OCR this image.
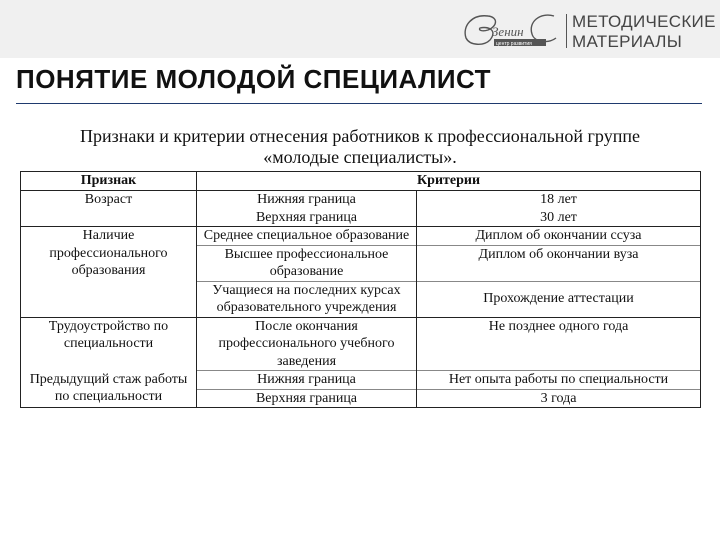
Зенин
центр развития
МЕТОДИЧЕСКИЕ
МАТЕРИАЛЫ
ПОНЯТИЕ МОЛОДОЙ СПЕЦИАЛИСТ
Признаки и критерии отнесения работников к профессиональной группе
«молодые специалисты».
Признак	Критерии	
Возраст	Нижняя граница	18 лет
	Верхняя граница	30 лет
Наличие профессионального образования	Среднее специальное образование	Диплом об окончании ссуза
	Высшее профессиональное образование	Диплом об окончании вуза
	Учащиеся на последних курсах образовательного учреждения	Прохождение аттестации
Трудоустройство по специальности	После окончания профессионального учебного заведения	Не позднее одного года
Предыдущий стаж работы по специальности	Нижняя граница	Нет опыта работы по специальности
	Верхняя граница	3 года
